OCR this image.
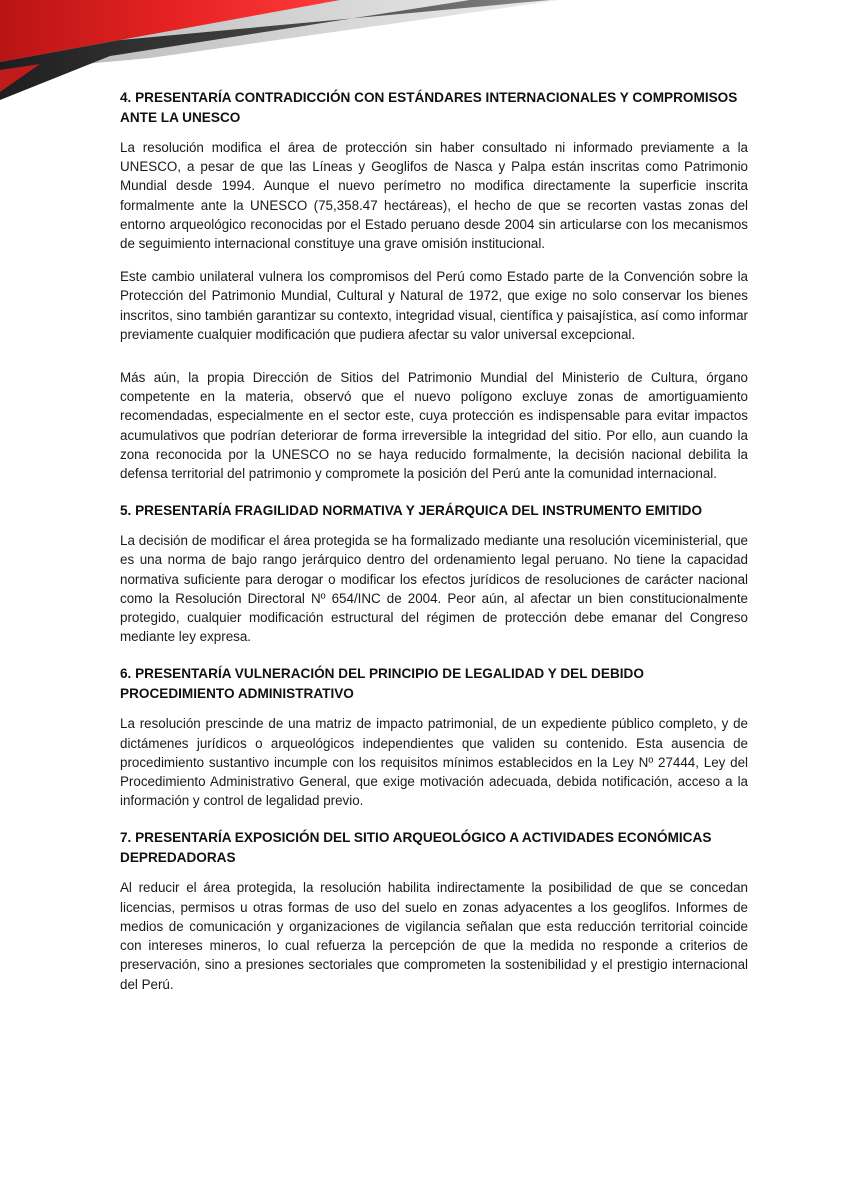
4. PRESENTARÍA CONTRADICCIÓN CON ESTÁNDARES INTERNACIONALES Y COMPROMISOS ANTE LA UNESCO

La resolución modifica el área de protección sin haber consultado ni informado previamente a la UNESCO, a pesar de que las Líneas y Geoglifos de Nasca y Palpa están inscritas como Patrimonio Mundial desde 1994. Aunque el nuevo perímetro no modifica directamente la superficie inscrita formalmente ante la UNESCO (75,358.47 hectáreas), el hecho de que se recorten vastas zonas del entorno arqueológico reconocidas por el Estado peruano desde 2004 sin articularse con los mecanismos de seguimiento internacional constituye una grave omisión institucional.

Este cambio unilateral vulnera los compromisos del Perú como Estado parte de la Convención sobre la Protección del Patrimonio Mundial, Cultural y Natural de 1972, que exige no solo conservar los bienes inscritos, sino también garantizar su contexto, integridad visual, científica y paisajística, así como informar previamente cualquier modificación que pudiera afectar su valor universal excepcional.

Más aún, la propia Dirección de Sitios del Patrimonio Mundial del Ministerio de Cultura, órgano competente en la materia, observó que el nuevo polígono excluye zonas de amortiguamiento recomendadas, especialmente en el sector este, cuya protección es indispensable para evitar impactos acumulativos que podrían deteriorar de forma irreversible la integridad del sitio. Por ello, aun cuando la zona reconocida por la UNESCO no se haya reducido formalmente, la decisión nacional debilita la defensa territorial del patrimonio y compromete la posición del Perú ante la comunidad internacional.

5. PRESENTARÍA FRAGILIDAD NORMATIVA Y JERÁRQUICA DEL INSTRUMENTO EMITIDO

La decisión de modificar el área protegida se ha formalizado mediante una resolución viceministerial, que es una norma de bajo rango jerárquico dentro del ordenamiento legal peruano. No tiene la capacidad normativa suficiente para derogar o modificar los efectos jurídicos de resoluciones de carácter nacional como la Resolución Directoral Nº 654/INC de 2004. Peor aún, al afectar un bien constitucionalmente protegido, cualquier modificación estructural del régimen de protección debe emanar del Congreso mediante ley expresa.

6. PRESENTARÍA VULNERACIÓN DEL PRINCIPIO DE LEGALIDAD Y DEL DEBIDO PROCEDIMIENTO ADMINISTRATIVO

La resolución prescinde de una matriz de impacto patrimonial, de un expediente público completo, y de dictámenes jurídicos o arqueológicos independientes que validen su contenido. Esta ausencia de procedimiento sustantivo incumple con los requisitos mínimos establecidos en la Ley Nº 27444, Ley del Procedimiento Administrativo General, que exige motivación adecuada, debida notificación, acceso a la información y control de legalidad previo.

7. PRESENTARÍA EXPOSICIÓN DEL SITIO ARQUEOLÓGICO A ACTIVIDADES ECONÓMICAS DEPREDADORAS

Al reducir el área protegida, la resolución habilita indirectamente la posibilidad de que se concedan licencias, permisos u otras formas de uso del suelo en zonas adyacentes a los geoglifos. Informes de medios de comunicación y organizaciones de vigilancia señalan que esta reducción territorial coincide con intereses mineros, lo cual refuerza la percepción de que la medida no responde a criterios de preservación, sino a presiones sectoriales que comprometen la sostenibilidad y el prestigio internacional del Perú.
